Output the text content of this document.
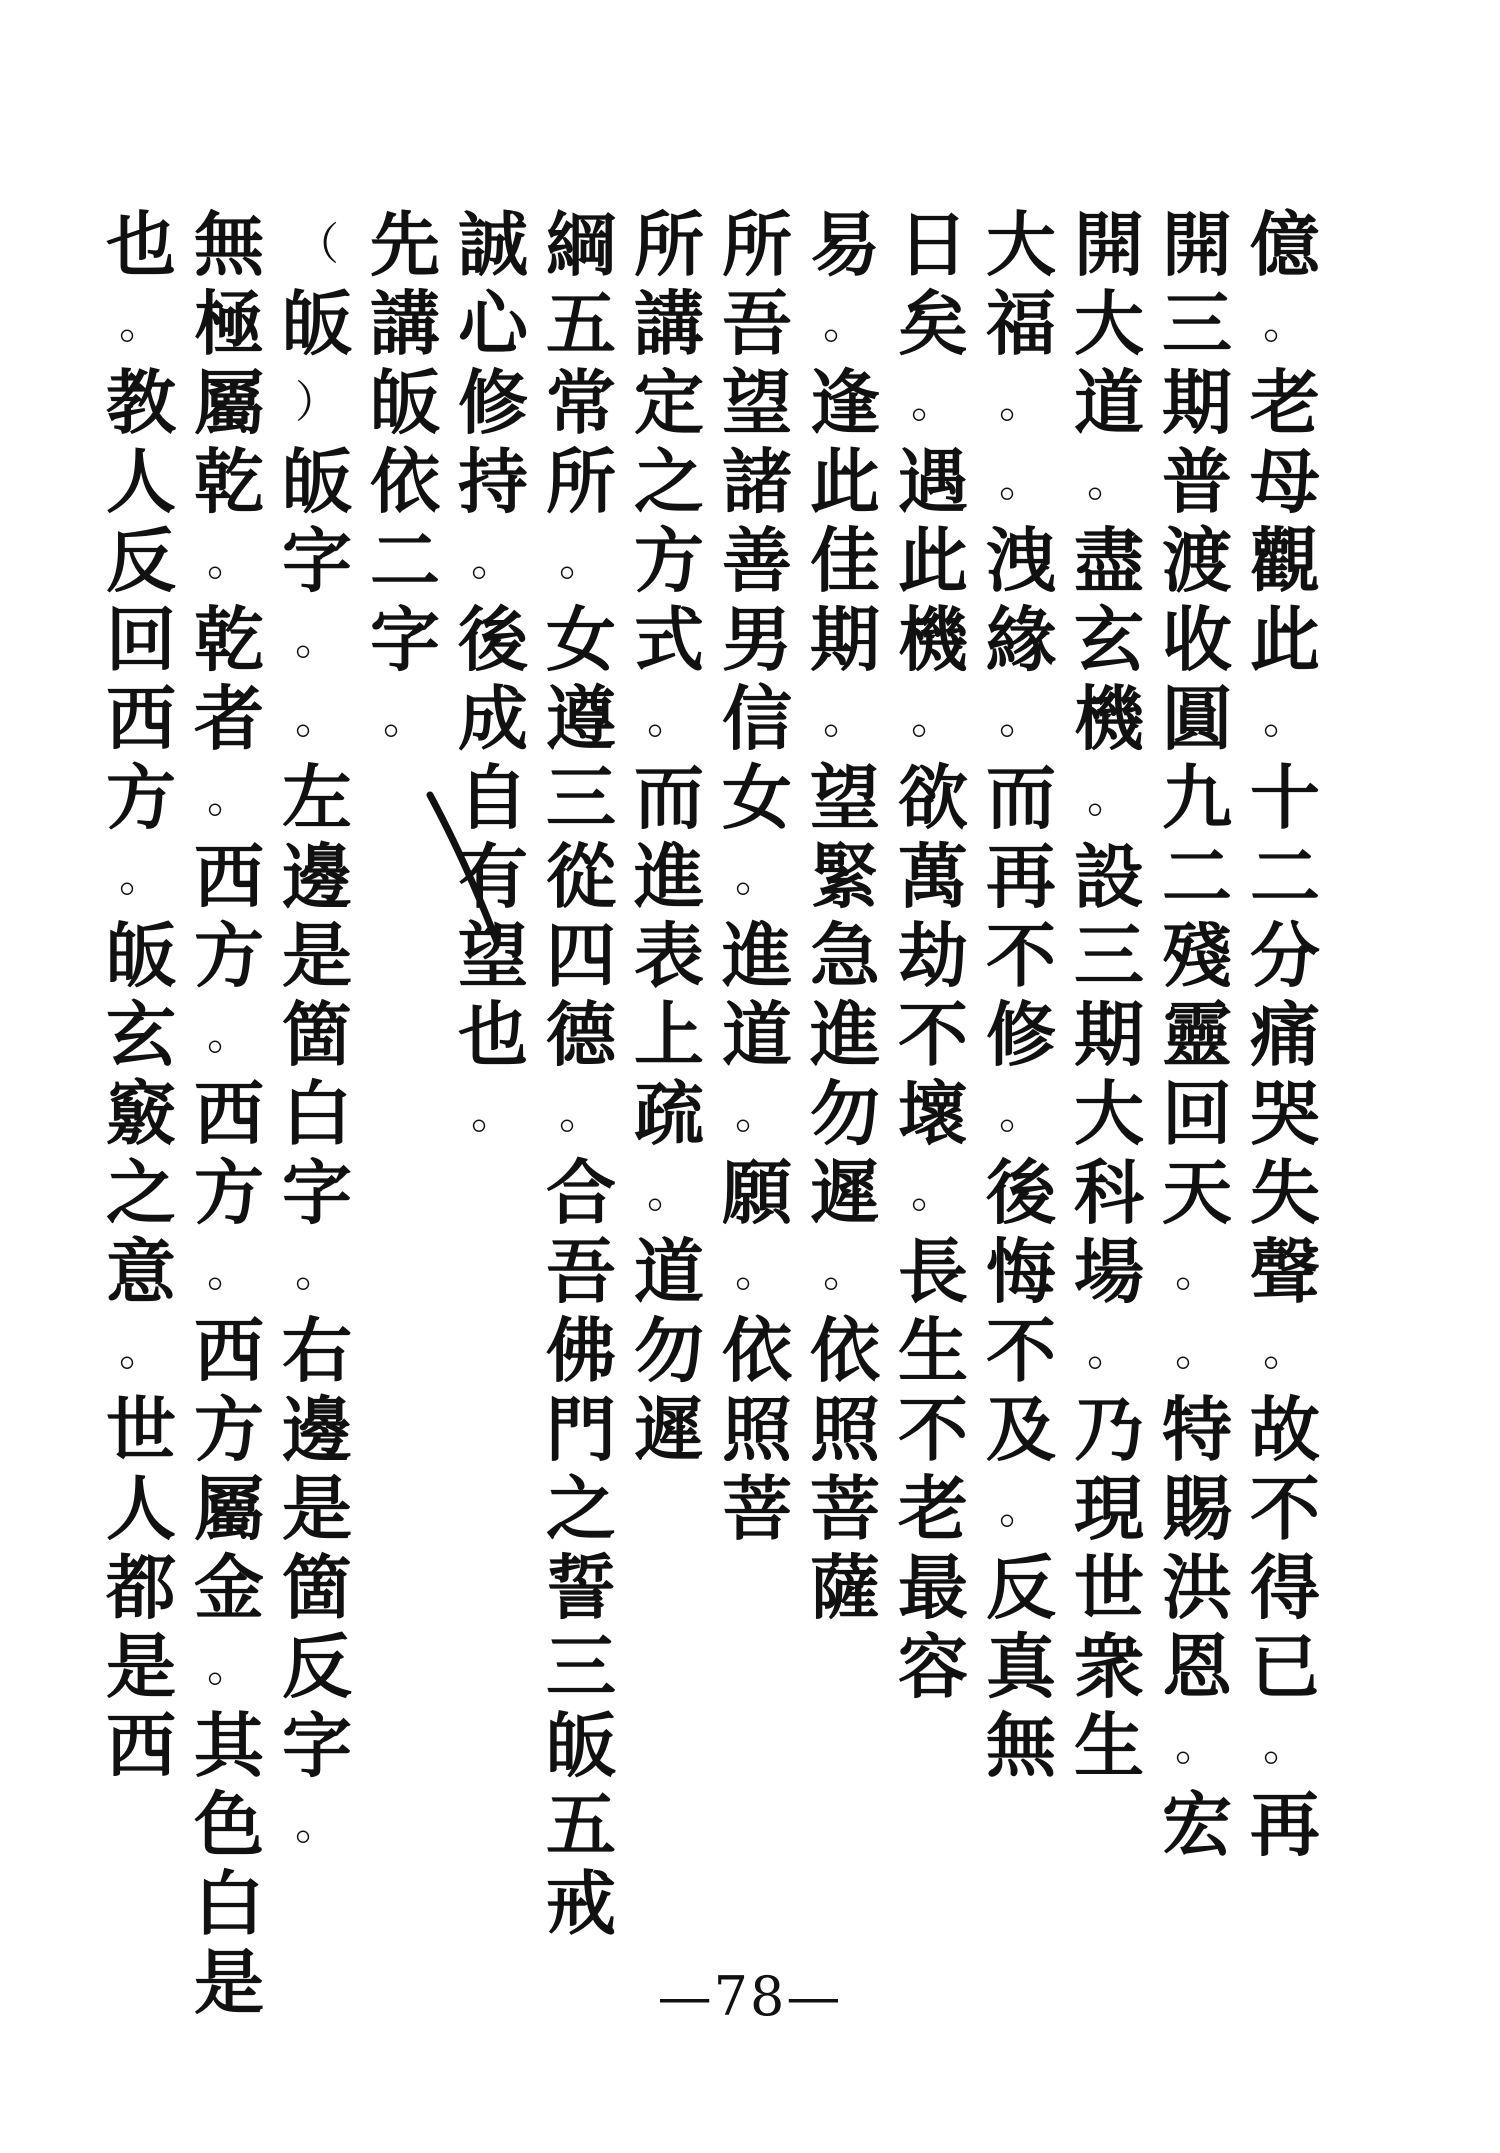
億
。
老
母
觀
此
。
十
二
分
痛
哭
失
聲
。
故
不
得
已
。
再
開
三
期
普
渡
收
圓
九
二
殘
靈
回
天
。
。
特
賜
洪
恩
。
宏
開
大
道
。
盡
玄
機
。
設
三
期
大
科
場
。
乃
現
世
衆
生
大
福
。
。
洩
緣
。
而
再
不
修
。
後
悔
不
及
。
反
真
無
日
矣
。
遇
此
機
。
欲
萬
劫
不
壞
。
長
生
不
老
最
容
易
。
逢
此
佳
期
。
望
緊
急
進
勿
遲
。
依
照
菩
薩
所
吾
望
諸
善
男
信
女
。
進
道
。
願
。
依
照
菩
所
講
定
之
方
式
。
而
進
表
上
疏
。
道
勿
遲
綱
五
常
所
。
女
遵
三
從
四
德
。
合
吾
佛
門
之
誓
三
皈
五
戒
誠
心
修
持
。
後
成
自
有
望
也
。
先
講
皈
依
二
字
。
（
皈
）
皈
字
。
。
左
邊
是
箇
白
字
。
右
邊
是
箇
反
字
。
無
極
屬
乾
。
乾
者
。
西
方
。
西
方
。
西
方
屬
金
。
其
色
白
是
也
。
教
人
反
回
西
方
。
皈
玄
竅
之
意
。
世
人
都
是
西
—78—
